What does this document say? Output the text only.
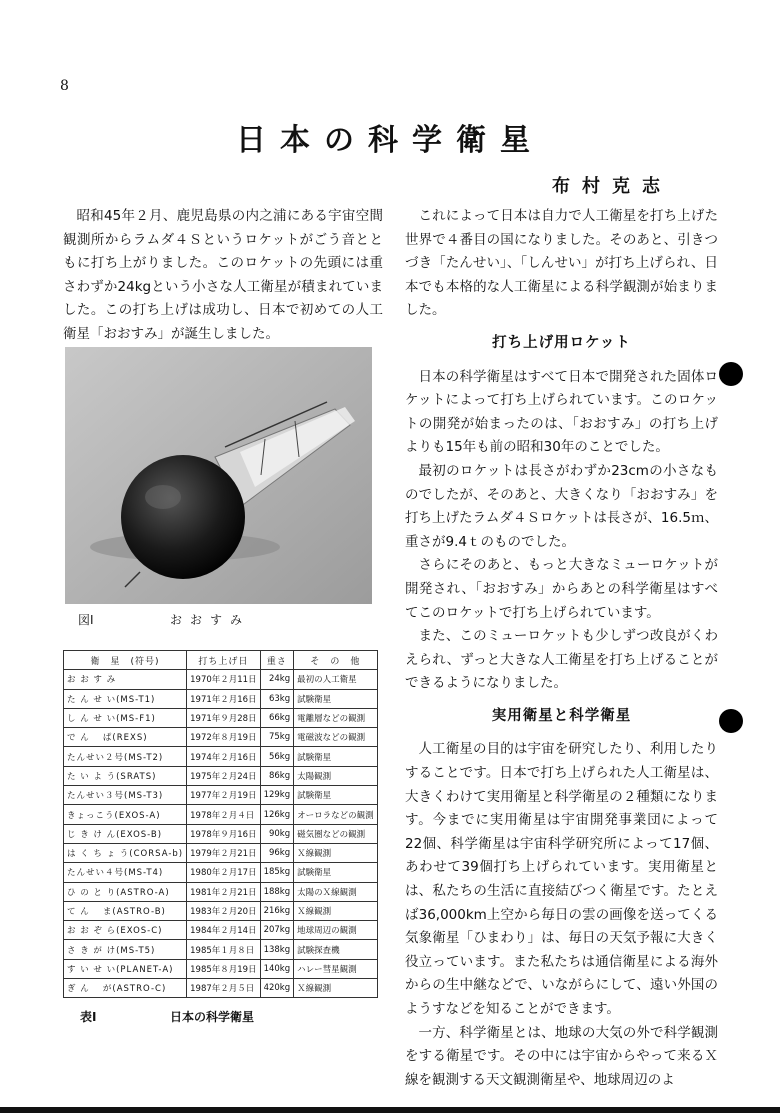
8
日本の科学衛星
布村克志

昭和45年２月、鹿児島県の内之浦にある宇宙空間観測所からラムダ４Ｓというロケットがごう音とともに打ち上がりました。このロケットの先頭には重さわずか24kgという小さな人工衛星が積まれていました。この打ち上げは成功し、日本で初めての人工衛星「おおすみ」が誕生しました。

図Ⅰ	おおすみ
衛　星　(符号)	打ち上げ日	重さ	そ　の　他
お お す み	1970年２月11日	24kg	最初の人工衛星
た ん せ い(MS-T1)	1971年２月16日	63kg	試験衛星
し ん せ い(MS-F1)	1971年９月28日	66kg	電離層などの観測
で ん　 ぱ(REXS)	1972年８月19日	75kg	電磁波などの観測
たんせい２号(MS-T2)	1974年２月16日	56kg	試験衛星
た い よ う(SRATS)	1975年２月24日	86kg	太陽観測
たんせい３号(MS-T3)	1977年２月19日	129kg	試験衛星
きょっこう(EXOS-A)	1978年２月４日	126kg	オーロラなどの観測
じ き け ん(EXOS-B)	1978年９月16日	90kg	磁気圏などの観測
は く ち ょ う(CORSA-b)	1979年２月21日	96kg	Ｘ線観測
たんせい４号(MS-T4)	1980年２月17日	185kg	試験衛星
ひ の と り(ASTRO-A)	1981年２月21日	188kg	太陽のＸ線観測
て ん　 ま(ASTRO-B)	1983年２月20日	216kg	Ｘ線観測
お お ぞ ら(EXOS-C)	1984年２月14日	207kg	地球周辺の観測
さ き が け(MS-T5)	1985年１月８日	138kg	試験探査機
す い せ い(PLANET-A)	1985年８月19日	140kg	ハレー彗星観測
ぎ ん　 が(ASTRO-C)	1987年２月５日	420kg	Ｘ線観測
表Ⅰ	日本の科学衛星

これによって日本は自力で人工衛星を打ち上げた世界で４番目の国になりました。そのあと、引きつづき「たんせい」、「しんせい」が打ち上げられ、日本でも本格的な人工衛星による科学観測が始まりました。

打ち上げ用ロケット

日本の科学衛星はすべて日本で開発された固体ロケットによって打ち上げられています。このロケットの開発が始まったのは、「おおすみ」の打ち上げよりも15年も前の昭和30年のことでした。

最初のロケットは長さがわずか23cmの小さなものでしたが、そのあと、大きくなり「おおすみ」を打ち上げたラムダ４Ｓロケットは長さが、16.5ｍ、重さが9.4ｔのものでした。

さらにそのあと、もっと大きなミューロケットが開発され、「おおすみ」からあとの科学衛星はすべてこのロケットで打ち上げられています。

また、このミューロケットも少しずつ改良がくわえられ、ずっと大きな人工衛星を打ち上げることができるようになりました。

実用衛星と科学衛星

人工衛星の目的は宇宙を研究したり、利用したりすることです。日本で打ち上げられた人工衛星は、大きくわけて実用衛星と科学衛星の２種類になります。今までに実用衛星は宇宙開発事業団によって22個、科学衛星は宇宙科学研究所によって17個、あわせて39個打ち上げられています。実用衛星とは、私たちの生活に直接結びつく衛星です。たとえば36,000km上空から毎日の雲の画像を送ってくる気象衛星「ひまわり」は、毎日の天気予報に大きく役立っています。また私たちは通信衛星による海外からの生中継などで、いながらにして、遠い外国のようすなどを知ることができます。

一方、科学衛星とは、地球の大気の外で科学観測をする衛星です。その中には宇宙からやって来るＸ線を観測する天文観測衛星や、地球周辺のよ
